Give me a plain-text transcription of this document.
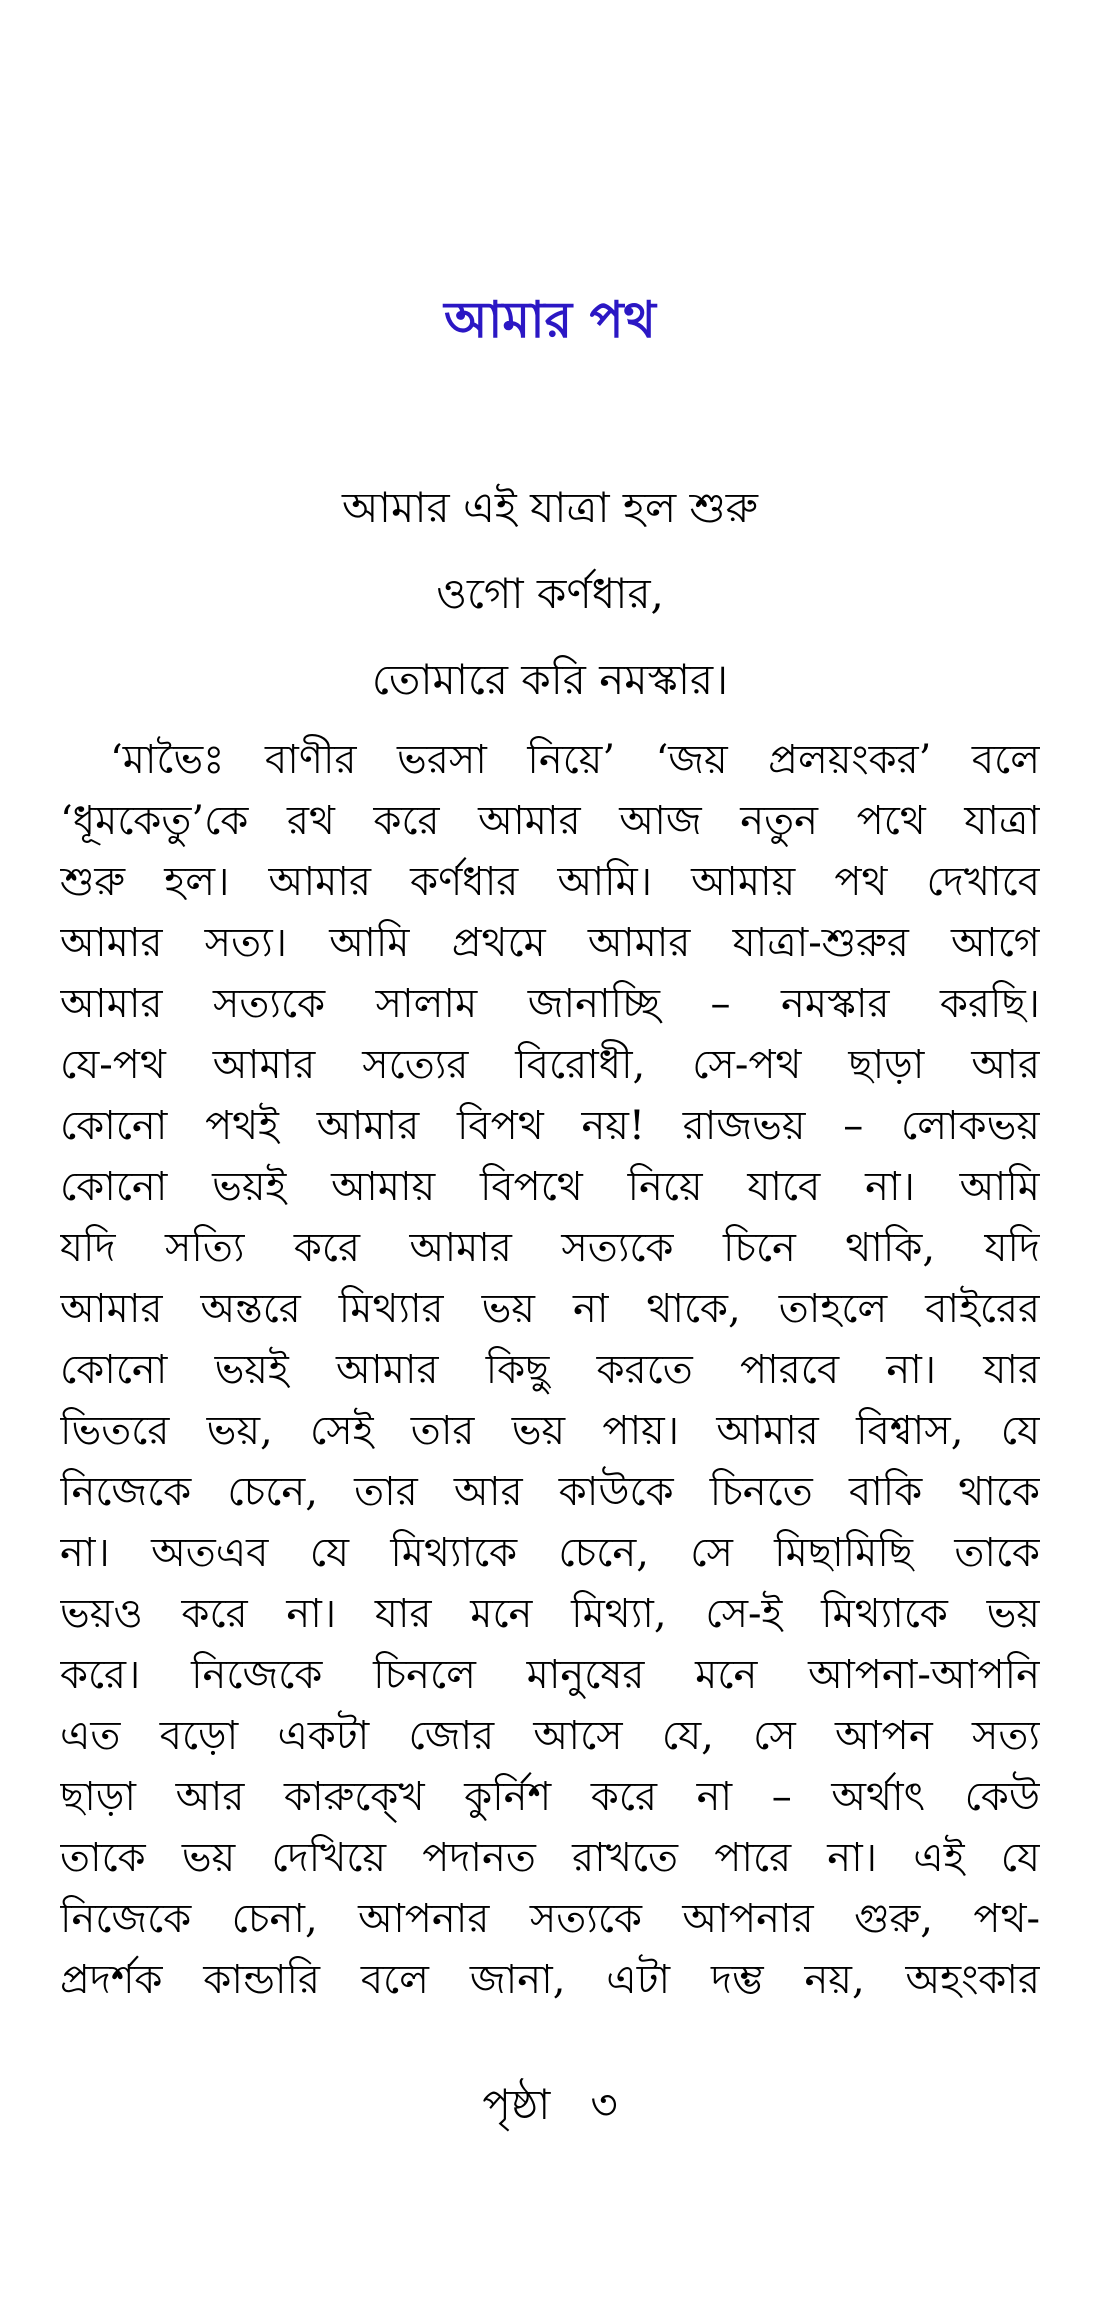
আমার পথ
আমার এই যাত্রা হল শুরু
ওগো কর্ণধার,
তোমারে করি নমস্কার।
‘মাভৈঃ বাণীর ভরসা নিয়ে’ ‘জয় প্রলয়ংকর’ বলে
‘ধূমকেতু’কে রথ করে আমার আজ নতুন পথে যাত্রা
শুরু হল। আমার কর্ণধার আমি। আমায় পথ দেখাবে
আমার সত্য। আমি প্রথমে আমার যাত্রা-শুরুর আগে
আমার সত্যকে সালাম জানাচ্ছি – নমস্কার করছি।
যে-পথ আমার সত্যের বিরোধী, সে-পথ ছাড়া আর
কোনো পথই আমার বিপথ নয়! রাজভয় – লোকভয়
কোনো ভয়ই আমায় বিপথে নিয়ে যাবে না। আমি
যদি সত্যি করে আমার সত্যকে চিনে থাকি, যদি
আমার অন্তরে মিথ্যার ভয় না থাকে, তাহলে বাইরের
কোনো ভয়ই আমার কিছু করতে পারবে না। যার
ভিতরে ভয়, সেই তার ভয় পায়। আমার বিশ্বাস, যে
নিজেকে চেনে, তার আর কাউকে চিনতে বাকি থাকে
না। অতএব যে মিথ্যাকে চেনে, সে মিছামিছি তাকে
ভয়ও করে না। যার মনে মিথ্যা, সে-ই মিথ্যাকে ভয়
করে। নিজেকে চিনলে মানুষের মনে আপনা-আপনি
এত বড়ো একটা জোর আসে যে, সে আপন সত্য
ছাড়া আর কারুক্খে কুর্নিশ করে না – অর্থাৎ কেউ
তাকে ভয় দেখিয়ে পদানত রাখতে পারে না। এই যে
নিজেকে চেনা, আপনার সত্যকে আপনার গুরু, পথ-
প্রদর্শক কান্ডারি বলে জানা, এটা দম্ভ নয়, অহংকার
পৃষ্ঠা ৩
